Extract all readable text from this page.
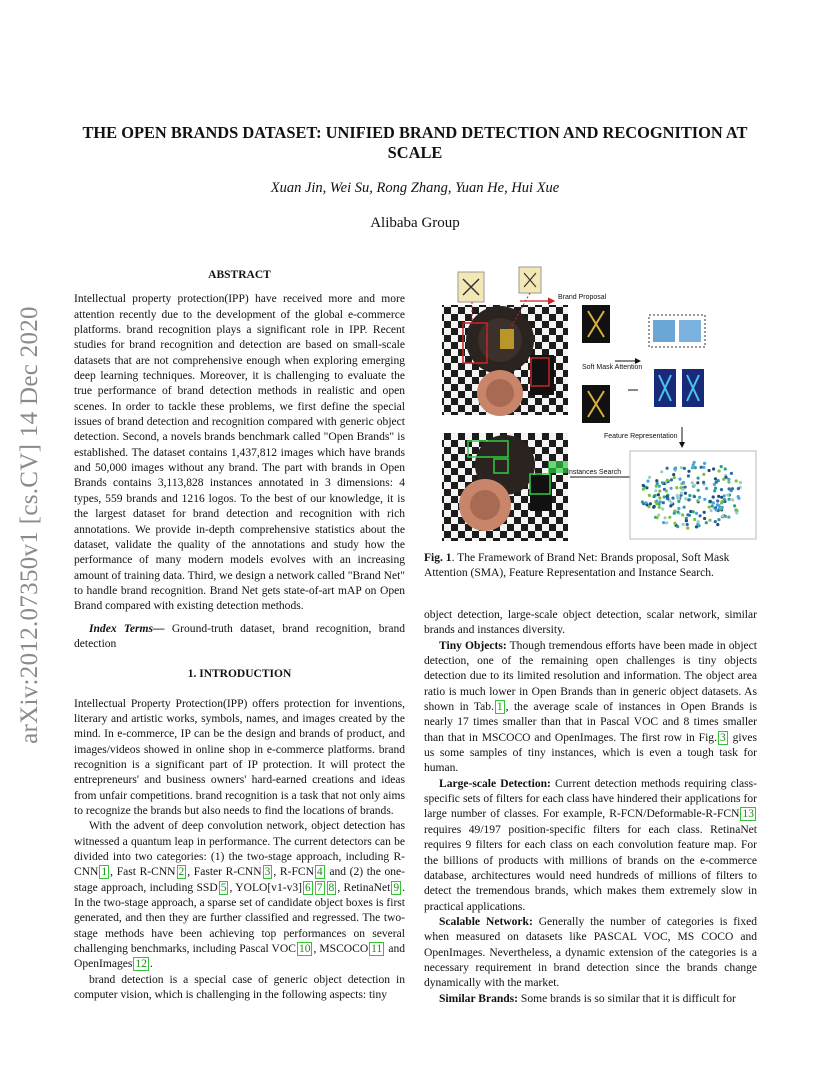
arXiv:2012.07350v1 [cs.CV] 14 Dec 2020
THE OPEN BRANDS DATASET: UNIFIED BRAND DETECTION AND RECOGNITION AT SCALE
Xuan Jin, Wei Su, Rong Zhang, Yuan He, Hui Xue
Alibaba Group
ABSTRACT

Intellectual property protection(IPP) have received more and more attention recently due to the development of the global e-commerce platforms. brand recognition plays a significant role in IPP. Recent studies for brand recognition and detection are based on small-scale datasets that are not comprehensive enough when exploring emerging deep learning techniques. Moreover, it is challenging to evaluate the true performance of brand detection methods in realistic and open scenes. In order to tackle these problems, we first define the special issues of brand detection and recognition compared with generic object detection. Second, a novels brands benchmark called "Open Brands" is established. The dataset contains 1,437,812 images which have brands and 50,000 images without any brand. The part with brands in Open Brands contains 3,113,828 instances annotated in 3 dimensions: 4 types, 559 brands and 1216 logos. To the best of our knowledge, it is the largest dataset for brand detection and recognition with rich annotations. We provide in-depth comprehensive statistics about the dataset, validate the quality of the annotations and study how the performance of many modern models evolves with an increasing amount of training data. Third, we design a network called "Brand Net" to handle brand recognition. Brand Net gets state-of-art mAP on Open Brand compared with existing detection methods.

Index Terms— Ground-truth dataset, brand recognition, brand detection

1. INTRODUCTION

Intellectual Property Protection(IPP) offers protection for inventions, literary and artistic works, symbols, names, and images created by the mind. In e-commerce, IP can be the design and brands of product, and images/videos showed in online shop in e-commerce platforms. brand recognition is a significant part of IP protection. It will protect the entrepreneurs' and business owners' hard-earned creations and ideas from unfair competitions. brand recognition is a task that not only aims to recognize the brands but also needs to find the locations of brands.

With the advent of deep convolution network, object detection has witnessed a quantum leap in performance. The current detectors can be divided into two categories: (1) the two-stage approach, including R-CNN 1 , Fast R-CNN 2 , Faster R-CNN 3 , R-FCN 4 and (2) the one-stage approach, including SSD 5 , YOLO[v1-v3] 6 7 8 , RetinaNet 9 . In the two-stage approach, a sparse set of candidate object boxes is first generated, and then they are further classified and regressed. The two-stage methods have been achieving top performances on several challenging benchmarks, including Pascal VOC 10 , MSCOCO 11 and OpenImages 12 .

brand detection is a special case of generic object detection in computer vision, which is challenging in the following aspects: tiny

Brand Proposal
Soft Mask Attention
Feature Representation
Instances Search
Fig. 1. The Framework of Brand Net: Brands proposal, Soft Mask Attention (SMA), Feature Representation and Instance Search.

object detection, large-scale object detection, scalar network, similar brands and instances diversity.

Tiny Objects: Though tremendous efforts have been made in object detection, one of the remaining open challenges is tiny objects detection due to its limited resolution and information. The object area ratio is much lower in Open Brands than in generic object datasets. As shown in Tab. 1 , the average scale of instances in Open Brands is nearly 17 times smaller than that in Pascal VOC and 8 times smaller than that in MSCOCO and OpenImages. The first row in Fig. 3 gives us some samples of tiny instances, which is even a tough task for human.

Large-scale Detection: Current detection methods requiring class-specific sets of filters for each class have hindered their applications for large number of classes. For example, R-FCN/Deformable-R-FCN 13 requires 49/197 position-specific filters for each class. RetinaNet requires 9 filters for each class on each convolution feature map. For the billions of products with millions of brands on the e-commerce database, architectures would need hundreds of millions of filters to detect the tremendous brands, which makes them extremely slow in practical applications.

Scalable Network: Generally the number of categories is fixed when measured on datasets like PASCAL VOC, MS COCO and OpenImages. Nevertheless, a dynamic extension of the categories is a necessary requirement in brand detection since the brands change dynamically with the market.

Similar Brands: Some brands is so similar that it is difficult for
